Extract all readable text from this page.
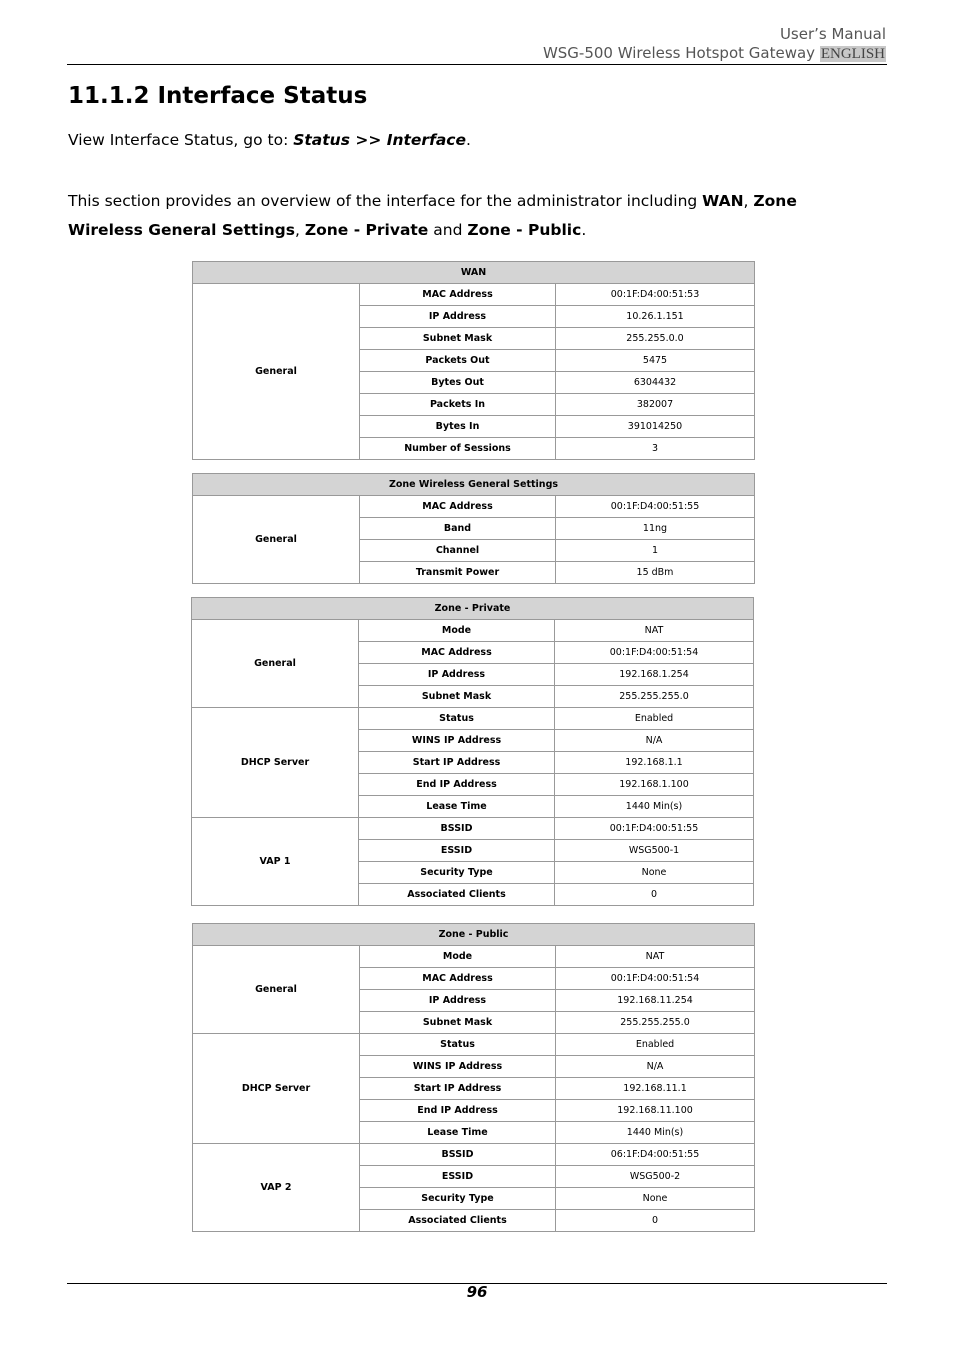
User’s Manual
WSG-500 Wireless Hotspot Gateway ENGLISH
11.1.2 Interface Status

View Interface Status, go to: Status >> Interface.

This section provides an overview of the interface for the administrator including WAN, Zone Wireless General Settings, Zone - Private and Zone - Public.

WAN		
General	MAC Address	00:1F:D4:00:51:53
	IP Address	10.26.1.151
	Subnet Mask	255.255.0.0
	Packets Out	5475
	Bytes Out	6304432
	Packets In	382007
	Bytes In	391014250
	Number of Sessions	3
Zone Wireless General Settings		
General	MAC Address	00:1F:D4:00:51:55
	Band	11ng
	Channel	1
	Transmit Power	15 dBm
Zone - Private		
General	Mode	NAT
	MAC Address	00:1F:D4:00:51:54
	IP Address	192.168.1.254
	Subnet Mask	255.255.255.0
DHCP Server	Status	Enabled
	WINS IP Address	N/A
	Start IP Address	192.168.1.1
	End IP Address	192.168.1.100
	Lease Time	1440 Min(s)
VAP 1	BSSID	00:1F:D4:00:51:55
	ESSID	WSG500-1
	Security Type	None
	Associated Clients	0
Zone - Public		
General	Mode	NAT
	MAC Address	00:1F:D4:00:51:54
	IP Address	192.168.11.254
	Subnet Mask	255.255.255.0
DHCP Server	Status	Enabled
	WINS IP Address	N/A
	Start IP Address	192.168.11.1
	End IP Address	192.168.11.100
	Lease Time	1440 Min(s)
VAP 2	BSSID	06:1F:D4:00:51:55
	ESSID	WSG500-2
	Security Type	None
	Associated Clients	0
96
